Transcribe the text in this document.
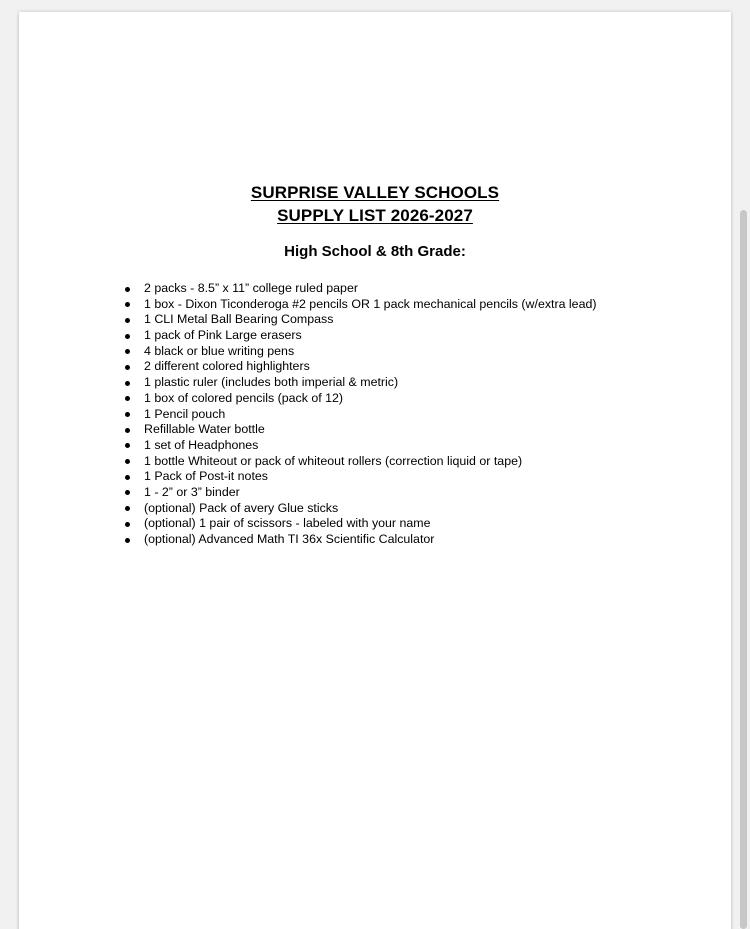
SURPRISE VALLEY SCHOOLS
SUPPLY LIST 2026-2027
High School & 8th Grade:
2 packs - 8.5” x 11” college ruled paper
1 box - Dixon Ticonderoga #2 pencils OR 1 pack mechanical pencils (w/extra lead)
1 CLI Metal Ball Bearing Compass
1 pack of Pink Large erasers
4 black or blue writing pens
2 different colored highlighters
1 plastic ruler (includes both imperial & metric)
1 box of colored pencils (pack of 12)
1 Pencil pouch
Refillable Water bottle
1 set of Headphones
1 bottle Whiteout or pack of whiteout rollers (correction liquid or tape)
1 Pack of Post-it notes
1 - 2” or 3” binder
(optional) Pack of avery Glue sticks
(optional) 1 pair of scissors - labeled with your name
(optional) Advanced Math TI 36x Scientific Calculator
